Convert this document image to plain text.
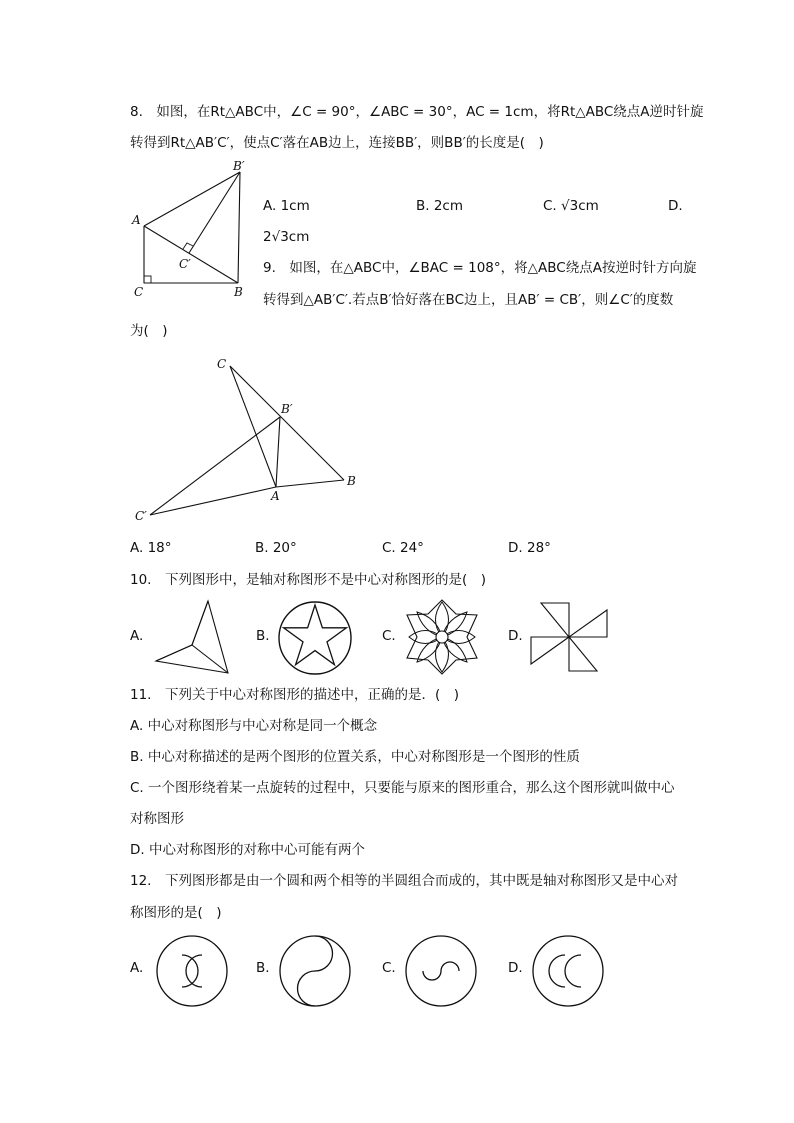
8.　如图，在Rt△ABC中，∠C = 90°，∠ABC = 30°，AC = 1cm，将Rt△ABC绕点A逆时针旋
转得到Rt△AB′C′，使点C′落在AB边上，连接BB′，则BB′的长度是(　)
B′
A
C′
C	B
A. 1cm	B. 2cm	C. √3cm	D.
2√3cm
9.　如图，在△ABC中，∠BAC = 108°，将△ABC绕点A按逆时针方向旋
转得到△AB′C′.若点B′恰好落在BC边上，且AB′ = CB′，则∠C′的度数
为(　)
C
B′
A
B
C′
A. 18°	B. 20°	C. 24°	D. 28°
10.　下列图形中，是轴对称图形不是中心对称图形的是(　)
A.	B.	C.	D.
11.　下列关于中心对称图形的描述中，正确的是．(　)
A. 中心对称图形与中心对称是同一个概念
B. 中心对称描述的是两个图形的位置关系，中心对称图形是一个图形的性质
C. 一个图形绕着某一点旋转的过程中，只要能与原来的图形重合，那么这个图形就叫做中心
对称图形
D. 中心对称图形的对称中心可能有两个
12.　下列图形都是由一个圆和两个相等的半圆组合而成的，其中既是轴对称图形又是中心对
称图形的是(　)
A.	B.	C.	D.
